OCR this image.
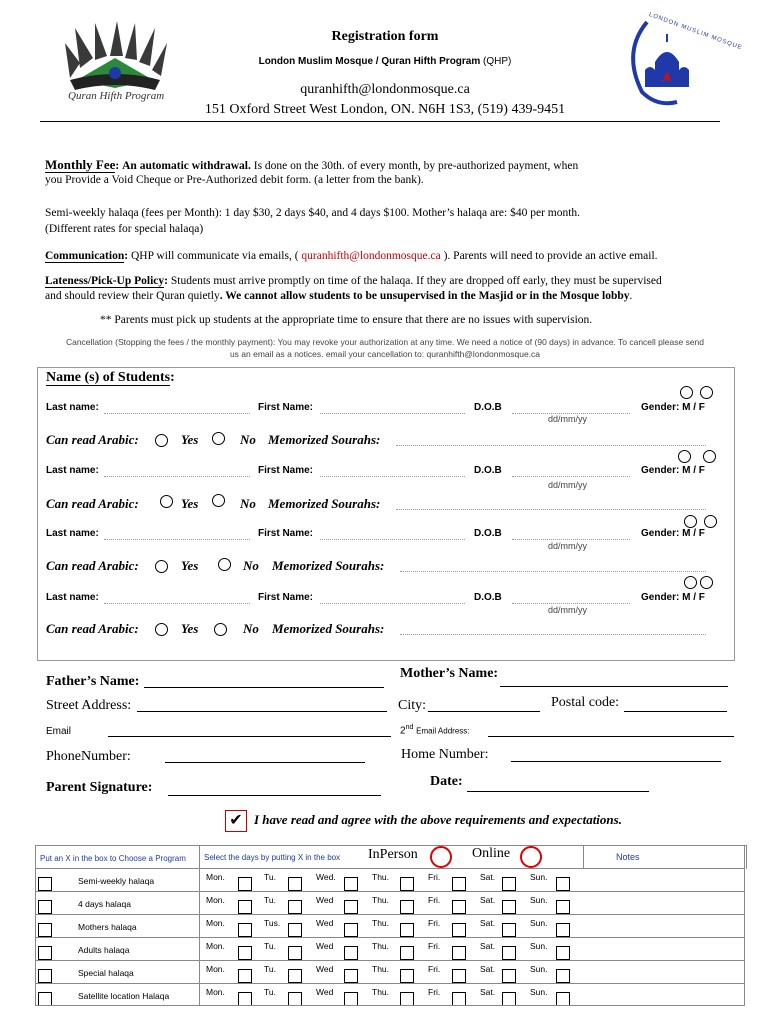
Quran Hifth Program
Registration form
London Muslim Mosque / Quran Hifth Program (QHP)
quranhifth@londonmosque.ca
151 Oxford Street West London, ON. N6H 1S3, (519) 439-9451
LONDON MUSLIM MOSQUE
Monthly Fee: An automatic withdrawal. Is done on the 30th. of every month, by pre-authorized payment, when
you Provide a Void Cheque or Pre-Authorized debit form. (a letter from the bank).
Semi-weekly halaqa (fees per Month): 1 day $30, 2 days $40, and 4 days $100. Mother’s halaqa are: $40 per month.
(Different rates for special halaqa)
Communication: QHP will communicate via emails, ( quranhifth@londonmosque.ca ). Parents will need to provide an active email.
Lateness/Pick-Up Policy: Students must arrive promptly on time of the halaqa. If they are dropped off early, they must be supervised
and should review their Quran quietly. We cannot allow students to be unsupervised in the Masjid or in the Mosque lobby.
** Parents must pick up students at the appropriate time to ensure that there are no issues with supervision.
Cancellation (Stopping the fees / the monthly payment): You may revoke your authorization at any time. We need a notice of (90 days) in advance. To cancell please send
us an email as a notices. email your cancellation to: quranhifth@londonmosque.ca
Name (s) of Students:
Last name:	First Name:	D.O.B	Gender: M / F
dd/mm/yy
Can read Arabic:	Yes	No Memorized Sourahs:
Last name:	First Name:	D.O.B	Gender: M / F
dd/mm/yy
Can read Arabic:	Yes	No Memorized Sourahs:
Last name:	First Name:	D.O.B	Gender: M / F
dd/mm/yy
Can read Arabic:	Yes	No Memorized Sourahs:
Last name:	First Name:	D.O.B	Gender: M / F
dd/mm/yy
Can read Arabic:	Yes	No Memorized Sourahs:
Father’s Name:
Mother’s Name:
Street Address:	City:	Postal code:
Email	2nd Email Address:
PhoneNumber:	Home Number:
Parent Signature:	Date:
✔ I have read and agree with the above requirements and expectations.
Put an X in the box to Choose a Program Select the days by putting X in the box InPerson	Online	Notes
Semi-weekly halaqa	Mon.	Tu.	Wed.	Thu.	Fri.	Sat.	Sun.
4 days halaqa	Mon.	Tu.	Wed	Thu.	Fri.	Sat.	Sun.
Mothers halaqa	Mon.	Tus.	Wed	Thu.	Fri.	Sat.	Sun.
Adults halaqa	Mon.	Tu.	Wed	Thu.	Fri.	Sat.	Sun.
Special halaqa	Mon.	Tu.	Wed	Thu.	Fri.	Sat.	Sun.
Satellite location Halaqa	Mon.	Tu.	Wed	Thu.	Fri.	Sat.	Sun.
